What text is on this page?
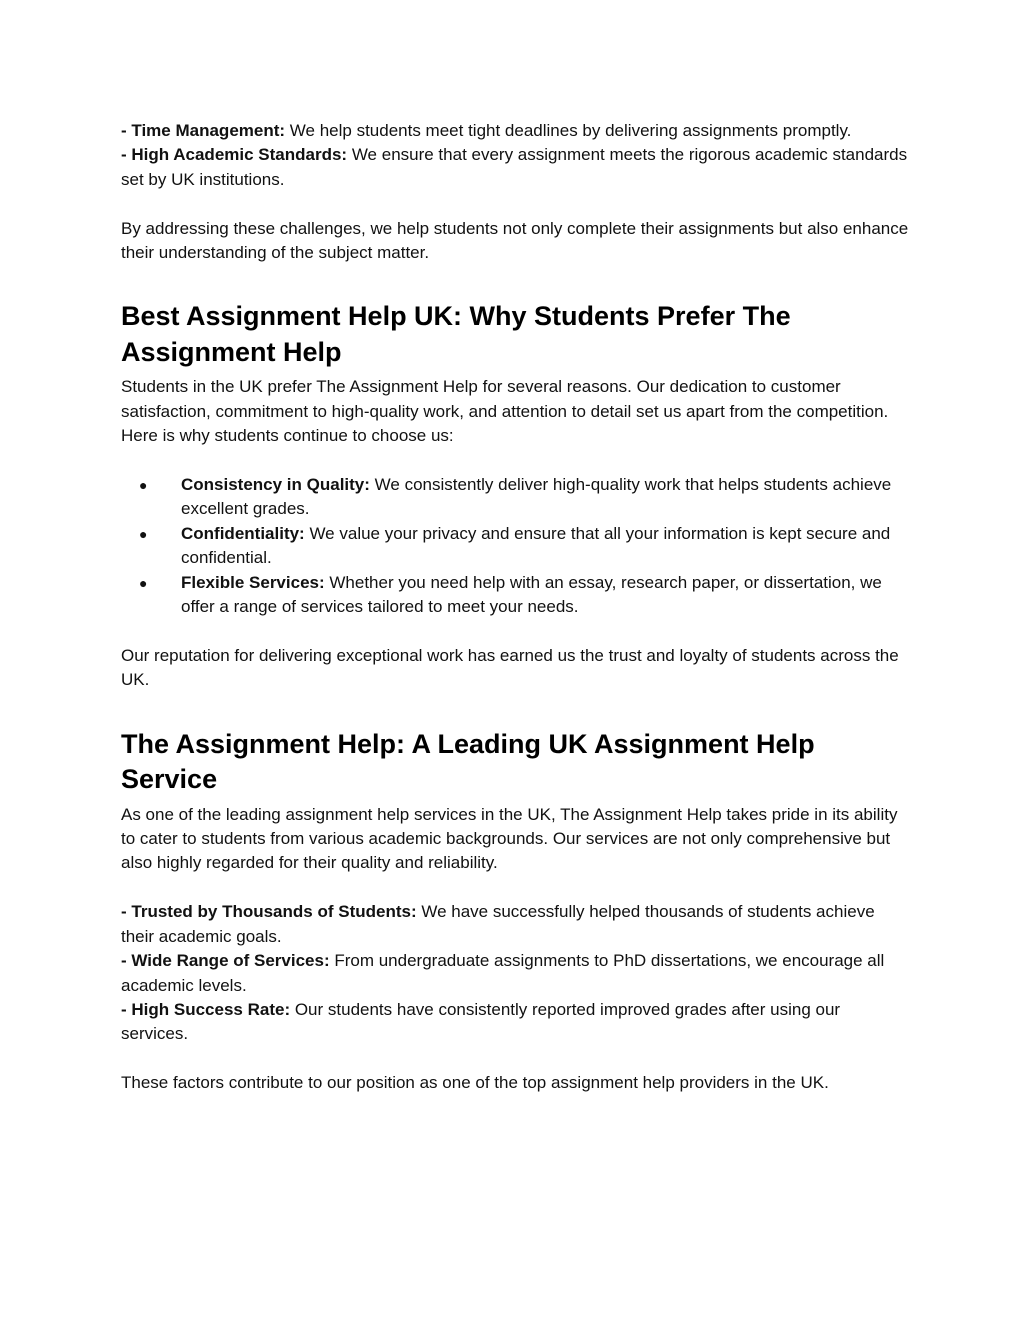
- Time Management: We help students meet tight deadlines by delivering assignments promptly.

- High Academic Standards: We ensure that every assignment meets the rigorous academic standards set by UK institutions.

By addressing these challenges, we help students not only complete their assignments but also enhance their understanding of the subject matter.

Best Assignment Help UK: Why Students Prefer The Assignment Help

Students in the UK prefer The Assignment Help for several reasons. Our dedication to customer satisfaction, commitment to high-quality work, and attention to detail set us apart from the competition. Here is why students continue to choose us:

● Consistency in Quality: We consistently deliver high-quality work that helps students achieve excellent grades.
● Confidentiality: We value your privacy and ensure that all your information is kept secure and confidential.
● Flexible Services: Whether you need help with an essay, research paper, or dissertation, we offer a range of services tailored to meet your needs.

Our reputation for delivering exceptional work has earned us the trust and loyalty of students across the UK.

The Assignment Help: A Leading UK Assignment Help Service

As one of the leading assignment help services in the UK, The Assignment Help takes pride in its ability to cater to students from various academic backgrounds. Our services are not only comprehensive but also highly regarded for their quality and reliability.

- Trusted by Thousands of Students: We have successfully helped thousands of students achieve their academic goals.

- Wide Range of Services: From undergraduate assignments to PhD dissertations, we encourage all academic levels.

- High Success Rate: Our students have consistently reported improved grades after using our services.

These factors contribute to our position as one of the top assignment help providers in the UK.
